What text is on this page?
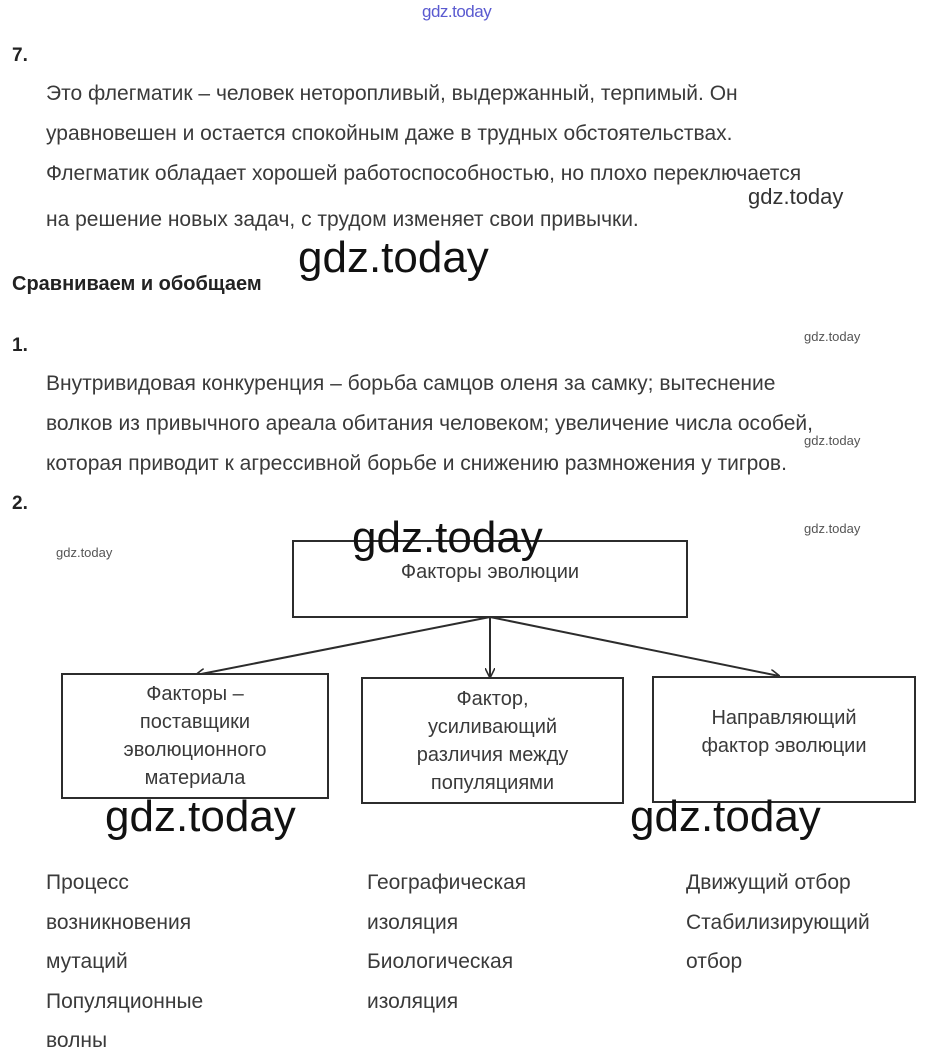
gdz.today
7.
Это флегматик – человек неторопливый, выдержанный, терпимый. Он
уравновешен и остается спокойным даже в трудных обстоятельствах.
Флегматик обладает хорошей работоспособностью, но плохо переключается
на решение новых задач, с трудом изменяет свои привычки.
gdz.today
gdz.today
Сравниваем и обобщаем
1.	gdz.today
Внутривидовая конкуренция – борьба самцов оленя за самку; вытеснение
волков из привычного ареала обитания человеком; увеличение числа особей,
gdz.today
которая приводит к агрессивной борьбе и снижению размножения у тигров.
2.
gdz.today
gdz.today
Факторы эволюции
Факторы – поставщики эволюционного материала
Фактор, усиливающий различия между популяциями
Направляющий фактор эволюции
gdz.today
gdz.today	gdz.today
Процесс
возникновения
мутаций
Популяционные
волны
Географическая
изоляция
Биологическая
изоляция
Движущий отбор
Стабилизирующий
отбор
